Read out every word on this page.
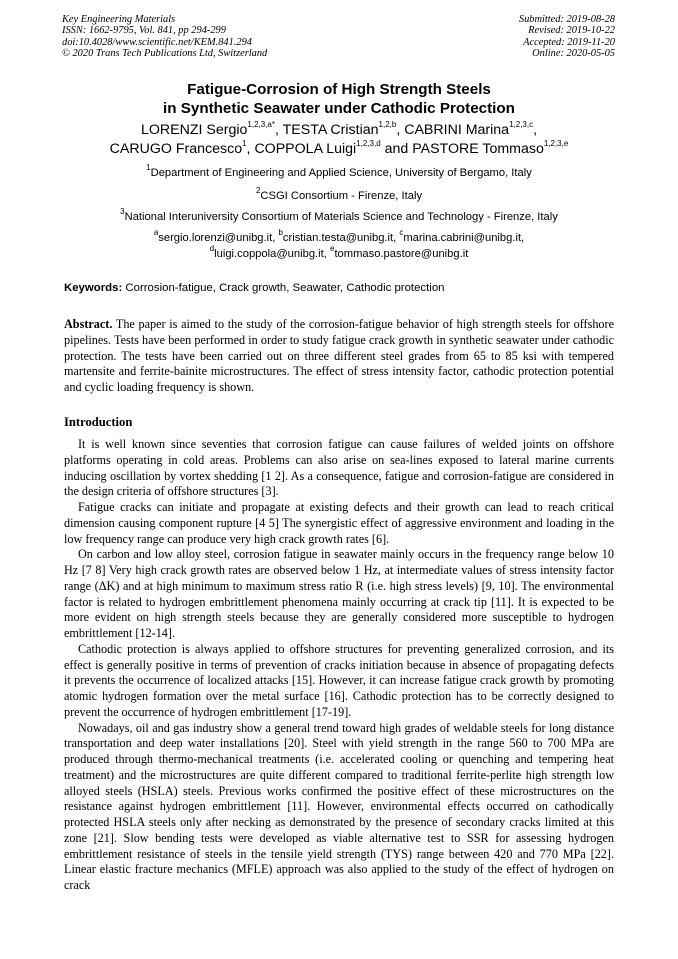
Key Engineering Materials
ISSN: 1662-9795, Vol. 841, pp 294-299
doi:10.4028/www.scientific.net/KEM.841.294
© 2020 Trans Tech Publications Ltd, Switzerland
Submitted: 2019-08-28
Revised: 2019-10-22
Accepted: 2019-11-20
Online: 2020-05-05
Fatigue-Corrosion of High Strength Steels
in Synthetic Seawater under Cathodic Protection
LORENZI Sergio$^{1,2,3,a*}$, TESTA Cristian$^{1,2,b}$, CABRINI Marina$^{1,2,3,c}$,
CARUGO Francesco$^1$, COPPOLA Luigi$^{1,2,3,d}$ and PASTORE Tommaso$^{1,2,3,e}$
$^1$Department of Engineering and Applied Science, University of Bergamo, Italy
$^2$CSGI Consortium - Firenze, Italy
$^3$National Interuniversity Consortium of Materials Science and Technology - Firenze, Italy
$^a$sergio.lorenzi@unibg.it, $^b$cristian.testa@unibg.it, $^c$marina.cabrini@unibg.it,
$^d$luigi.coppola@unibg.it, $^e$tommaso.pastore@unibg.it
Keywords: Corrosion-fatigue, Crack growth, Seawater, Cathodic protection
Abstract. The paper is aimed to the study of the corrosion-fatigue behavior of high strength steels for offshore pipelines. Tests have been performed in order to study fatigue crack growth in synthetic seawater under cathodic protection. The tests have been carried out on three different steel grades from 65 to 85 ksi with tempered martensite and ferrite-bainite microstructures. The effect of stress intensity factor, cathodic protection potential and cyclic loading frequency is shown.
Introduction

It is well known since seventies that corrosion fatigue can cause failures of welded joints on offshore platforms operating in cold areas. Problems can also arise on sea-lines exposed to lateral marine currents inducing oscillation by vortex shedding [1 2]. As a consequence, fatigue and corrosion-fatigue are considered in the design criteria of offshore structures [3].

Fatigue cracks can initiate and propagate at existing defects and their growth can lead to reach critical dimension causing component rupture [4 5] The synergistic effect of aggressive environment and loading in the low frequency range can produce very high crack growth rates [6].

On carbon and low alloy steel, corrosion fatigue in seawater mainly occurs in the frequency range below 10 Hz [7 8] Very high crack growth rates are observed below 1 Hz, at intermediate values of stress intensity factor range (ΔK) and at high minimum to maximum stress ratio R (i.e. high stress levels) [9, 10]. The environmental factor is related to hydrogen embrittlement phenomena mainly occurring at crack tip [11]. It is expected to be more evident on high strength steels because they are generally considered more susceptible to hydrogen embrittlement [12-14].

Cathodic protection is always applied to offshore structures for preventing generalized corrosion, and its effect is generally positive in terms of prevention of cracks initiation because in absence of propagating defects it prevents the occurrence of localized attacks [15]. However, it can increase fatigue crack growth by promoting atomic hydrogen formation over the metal surface [16]. Cathodic protection has to be correctly designed to prevent the occurrence of hydrogen embrittlement [17-19].

Nowadays, oil and gas industry show a general trend toward high grades of weldable steels for long distance transportation and deep water installations [20]. Steel with yield strength in the range 560 to 700 MPa are produced through thermo-mechanical treatments (i.e. accelerated cooling or quenching and tempering heat treatment) and the microstructures are quite different compared to traditional ferrite-perlite high strength low alloyed steels (HSLA) steels. Previous works confirmed the positive effect of these microstructures on the resistance against hydrogen embrittlement [11]. However, environmental effects occurred on cathodically protected HSLA steels only after necking as demonstrated by the presence of secondary cracks limited at this zone [21]. Slow bending tests were developed as viable alternative test to SSR for assessing hydrogen embrittlement resistance of steels in the tensile yield strength (TYS) range between 420 and 770 MPa [22]. Linear elastic fracture mechanics (MFLE) approach was also applied to the study of the effect of hydrogen on crack
